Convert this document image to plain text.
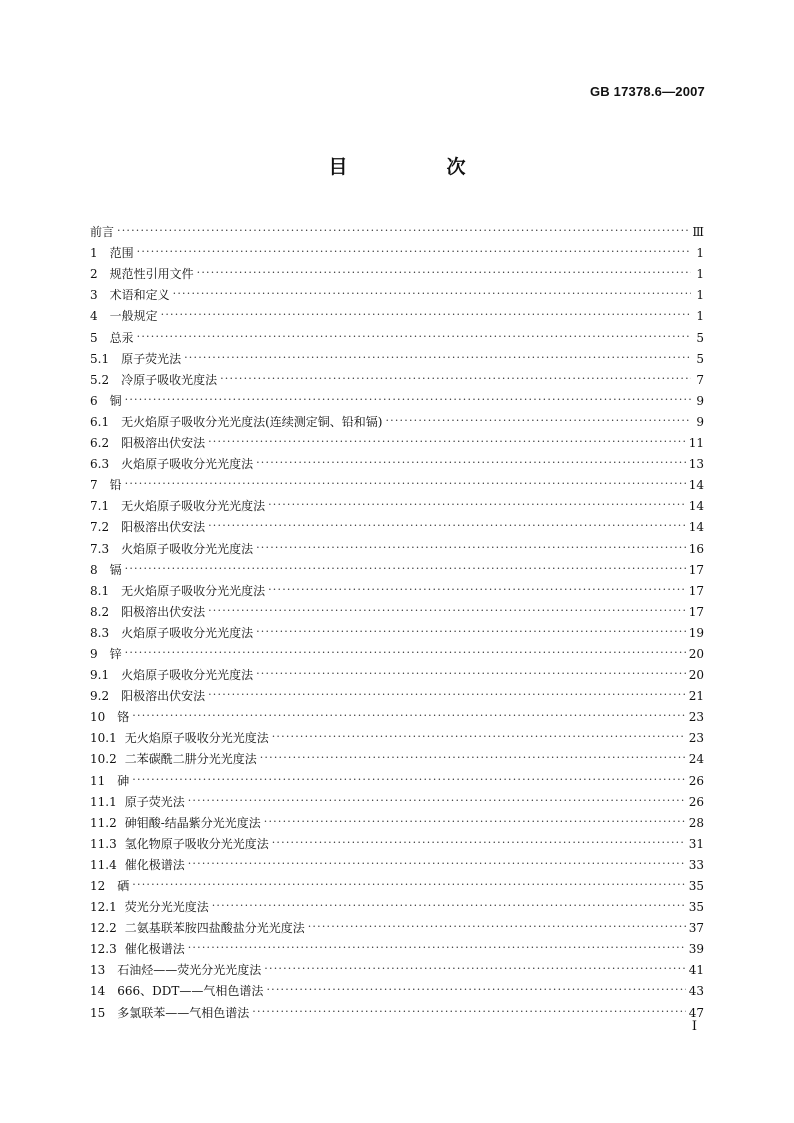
GB 17378.6—2007
目　次
前言 ·····	Ⅲ
1 范围 ·····	1
2 规范性引用文件 ·····	1
3 术语和定义 ·····	1
4 一般规定 ·····	1
5 总汞 ·····	5
5.1 原子荧光法 ·····	5
5.2 冷原子吸收光度法 ·····	7
6 铜 ·····	9
6.1 无火焰原子吸收分光光度法(连续测定铜、铅和镉) ·····	9
6.2 阳极溶出伏安法 ·····	11
6.3 火焰原子吸收分光光度法 ·····	13
7 铅 ·····	14
7.1 无火焰原子吸收分光光度法 ·····	14
7.2 阳极溶出伏安法 ·····	14
7.3 火焰原子吸收分光光度法 ·····	16
8 镉 ·····	17
8.1 无火焰原子吸收分光光度法 ·····	17
8.2 阳极溶出伏安法 ·····	17
8.3 火焰原子吸收分光光度法 ·····	19
9 锌 ·····	20
9.1 火焰原子吸收分光光度法 ·····	20
9.2 阳极溶出伏安法 ·····	21
10 铬 ·····	23
10.1 无火焰原子吸收分光光度法 ·····	23
10.2 二苯碳酰二肼分光光度法 ·····	24
11 砷 ·····	26
11.1 原子荧光法 ·····	26
11.2 砷钼酸-结晶紫分光光度法 ·····	28
11.3 氢化物原子吸收分光光度法 ·····	31
11.4 催化极谱法 ·····	33
12 硒 ·····	35
12.1 荧光分光光度法 ·····	35
12.2 二氨基联苯胺四盐酸盐分光光度法 ·····	37
12.3 催化极谱法 ·····	39
13 石油烃——荧光分光光度法 ·····	41
14 666、DDT——气相色谱法 ·····	43
15 多氯联苯——气相色谱法 ·····	47
Ⅰ
